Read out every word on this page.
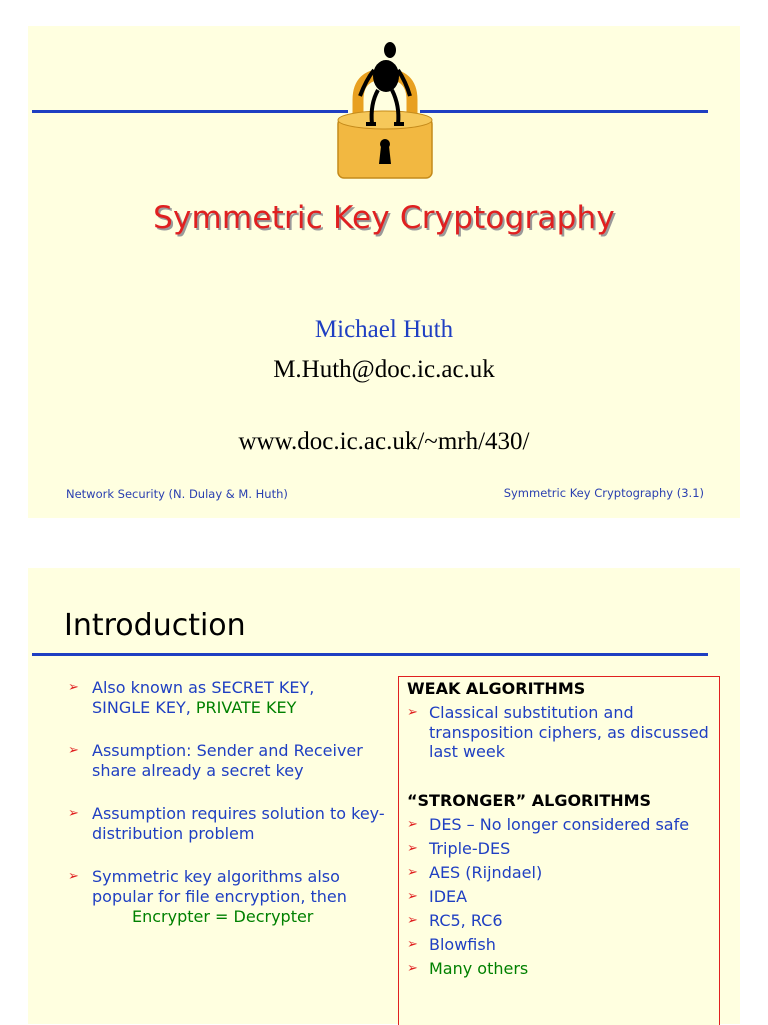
Symmetric Key Cryptography
Michael Huth
M.Huth@doc.ic.ac.uk
www.doc.ic.ac.uk/~mrh/430/
Network Security (N. Dulay & M. Huth)	Symmetric Key Cryptography (3.1)
Introduction
➢ Also known as SECRET KEY,
SINGLE KEY, PRIVATE KEY
➢ Assumption: Sender and Receiver share already a secret key
➢ Assumption requires solution to key-distribution problem
➢ Symmetric key algorithms also popular for file encryption, then
Encrypter = Decrypter
WEAK ALGORITHMS
➢ Classical substitution and transposition ciphers, as discussed last week
“STRONGER” ALGORITHMS
➢ DES – No longer considered safe
➢ Triple-DES
➢ AES (Rijndael)
➢ IDEA
➢ RC5, RC6
➢ Blowfish
➢ Many others
